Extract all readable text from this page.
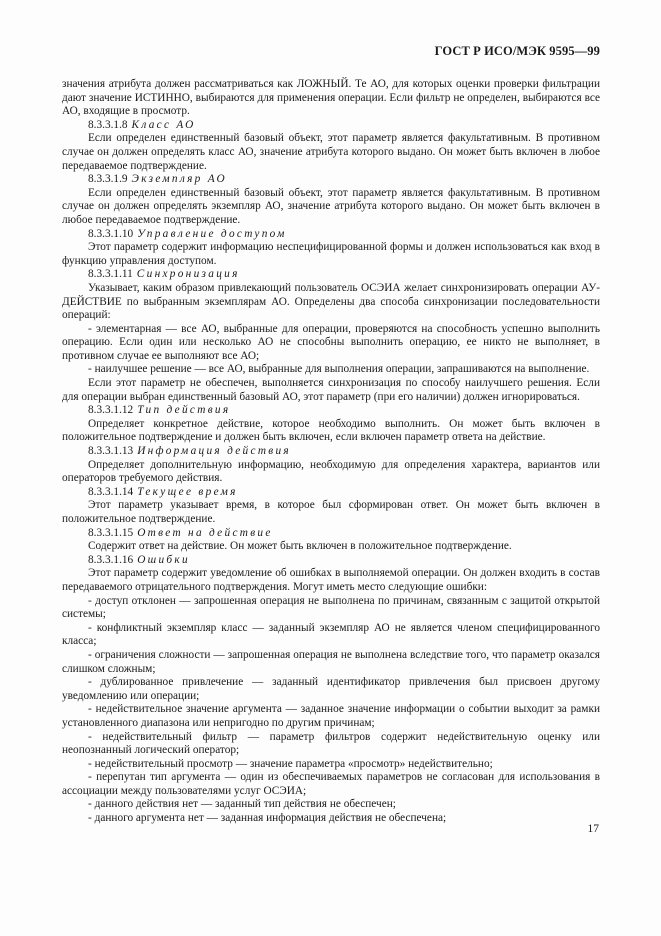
ГОСТ Р ИСО/МЭК 9595—99

значения атрибута должен рассматриваться как ЛОЖНЫЙ. Те АО, для которых оценки проверки фильтрации дают значение ИСТИННО, выбираются для применения операции. Если фильтр не определен, выбираются все АО, входящие в просмотр.

8.3.3.1.8 Класс АО

Если определен единственный базовый объект, этот параметр является факультативным. В противном случае он должен определять класс АО, значение атрибута которого выдано. Он может быть включен в любое передаваемое подтверждение.

8.3.3.1.9 Экземпляр АО

Если определен единственный базовый объект, этот параметр является факультативным. В противном случае он должен определять экземпляр АО, значение атрибута которого выдано. Он может быть включен в любое передаваемое подтверждение.

8.3.3.1.10 Управление доступом

Этот параметр содержит информацию неспецифицированной формы и должен использоваться как вход в функцию управления доступом.

8.3.3.1.11 Синхронизация

Указывает, каким образом привлекающий пользователь ОСЭИА желает синхронизировать операции АУ-ДЕЙСТВИЕ по выбранным экземплярам АО. Определены два способа синхронизации последовательности операций:

- элементарная — все АО, выбранные для операции, проверяются на способность успешно выполнить операцию. Если один или несколько АО не способны выполнить операцию, ее никто не выполняет, в противном случае ее выполняют все АО;

- наилучшее решение — все АО, выбранные для выполнения операции, запрашиваются на выполнение.

Если этот параметр не обеспечен, выполняется синхронизация по способу наилучшего решения. Если для операции выбран единственный базовый АО, этот параметр (при его наличии) должен игнорироваться.

8.3.3.1.12 Тип действия

Определяет конкретное действие, которое необходимо выполнить. Он может быть включен в положительное подтверждение и должен быть включен, если включен параметр ответа на действие.

8.3.3.1.13 Информация действия

Определяет дополнительную информацию, необходимую для определения характера, вариантов или операторов требуемого действия.

8.3.3.1.14 Текущее время

Этот параметр указывает время, в которое был сформирован ответ. Он может быть включен в положительное подтверждение.

8.3.3.1.15 Ответ на действие

Содержит ответ на действие. Он может быть включен в положительное подтверждение.

8.3.3.1.16 Ошибки

Этот параметр содержит уведомление об ошибках в выполняемой операции. Он должен входить в состав передаваемого отрицательного подтверждения. Могут иметь место следующие ошибки:

- доступ отклонен — запрошенная операция не выполнена по причинам, связанным с защитой открытой системы;

- конфликтный экземпляр класс — заданный экземпляр АО не является членом специфицированного класса;

- ограничения сложности — запрошенная операция не выполнена вследствие того, что параметр оказался слишком сложным;

- дублированное привлечение — заданный идентификатор привлечения был присвоен другому уведомлению или операции;

- недействительное значение аргумента — заданное значение информации о событии выходит за рамки установленного диапазона или непригодно по другим причинам;

- недействительный фильтр — параметр фильтров содержит недействительную оценку или неопознанный логический оператор;

- недействительный просмотр — значение параметра «просмотр» недействительно;

- перепутан тип аргумента — один из обеспечиваемых параметров не согласован для использования в ассоциации между пользователями услуг ОСЭИА;

- данного действия нет — заданный тип действия не обеспечен;

- данного аргумента нет — заданная информация действия не обеспечена;

17
